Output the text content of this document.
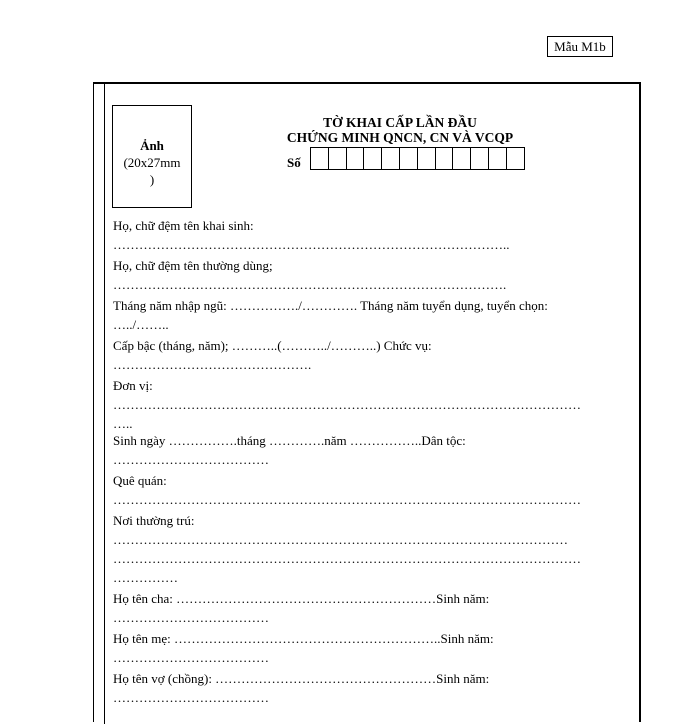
Mẫu M1b
Ảnh
(20x27mm
)
TỜ KHAI CẤP LẦN ĐẦU
CHỨNG MINH QNCN, CN VÀ VCQP
Số
Họ, chữ đệm tên khai sinh:
………………………………………………………………………………..
Họ, chữ đệm tên thường dùng;
……………………………………………………………………………….
Tháng năm nhập ngũ: ……………./…………. Tháng năm tuyển dụng, tuyển chọn:
…../……..
Cấp bậc (tháng, năm); ………..(………../………..) Chức vụ:
……………………………………….
Đơn vị:
………………………………………………………………………………………………
…..
Sinh ngày …………….tháng ………….năm ……………..Dân tộc:
………………………………
Quê quán:
………………………………………………………………………………………………
Nơi thường trú:
……………………………………………………………………………………………
………………………………………………………………………………………………
……………
Họ tên cha: ……………………………………………………Sinh năm:
………………………………
Họ tên mẹ: ……………………………………………………..Sinh năm:
………………………………
Họ tên vợ (chồng): ……………………………………………Sinh năm:
………………………………
